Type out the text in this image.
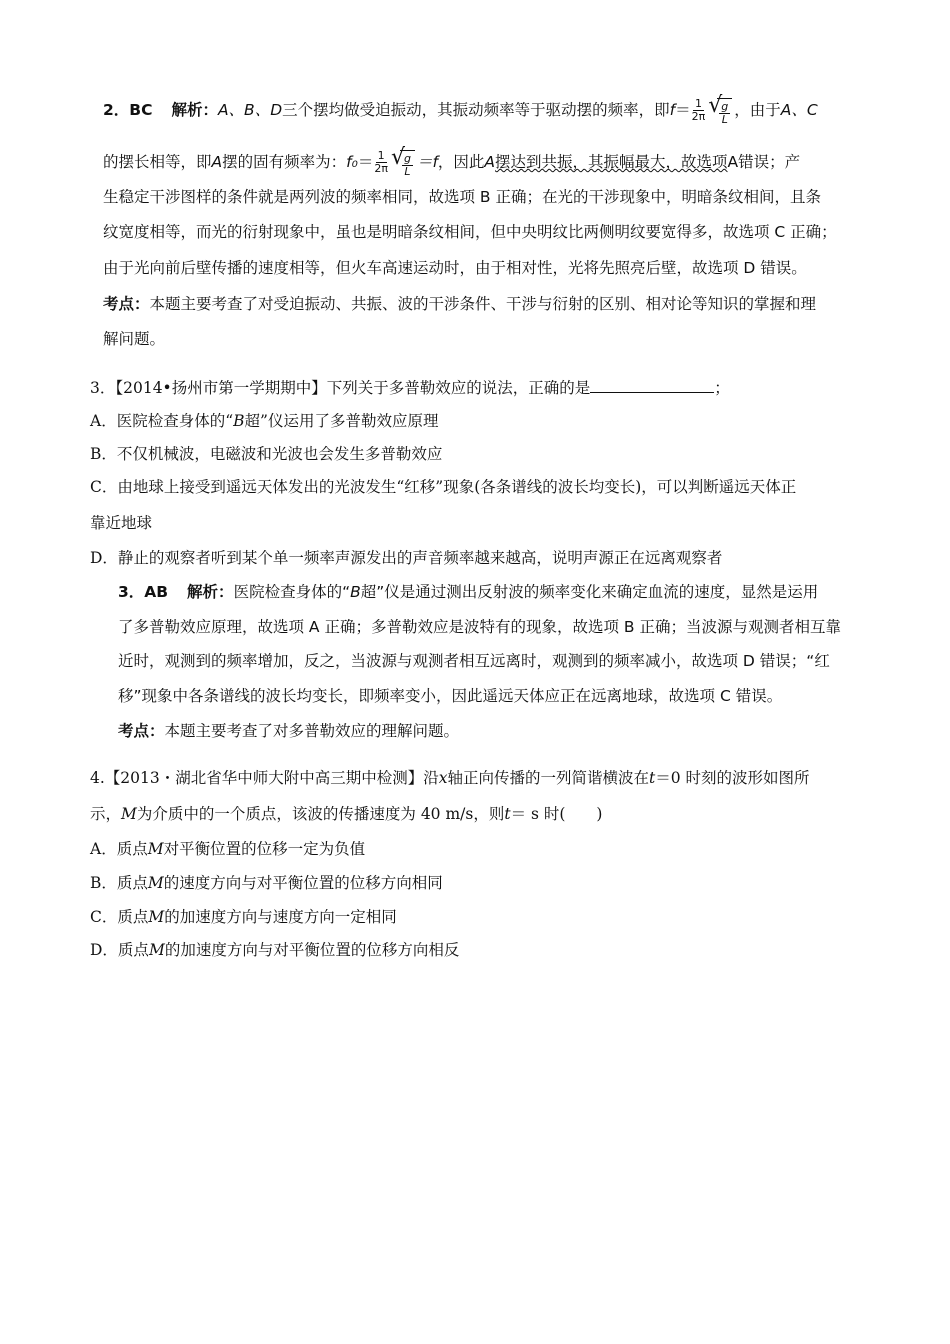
2．BC 解析：A、B、D三个摆均做受迫振动，其振动频率等于驱动摆的频率，即$f= \frac{1}{2\pi}$ √
$\frac{g}{L}$ ，由于A、C
的摆长相等，即A摆的固有频率为：$f_0= \frac{1}{2\pi}$ √
$\frac{g}{L} =f$，因此A摆达到共振，其振幅最大，故选项A错误；产
生稳定干涉图样的条件就是两列波的频率相同，故选项 B 正确；在光的干涉现象中，明暗条纹相间，且条
纹宽度相等，而光的衍射现象中，虽也是明暗条纹相间，但中央明纹比两侧明纹要宽得多，故选项 C 正确；
由于光向前后壁传播的速度相等，但火车高速运动时，由于相对性，光将先照亮后壁，故选项 D 错误。
考点：本题主要考查了对受迫振动、共振、波的干涉条件、干涉与衍射的区别、相对论等知识的掌握和理
解问题。
3．【2014•扬州市第一学期期中】下列关于多普勒效应的说法，正确的是	；
A．医院检查身体的“B超”仪运用了多普勒效应原理
B．不仅机械波，电磁波和光波也会发生多普勒效应
C．由地球上接受到遥远天体发出的光波发生“红移”现象(各条谱线的波长均变长)，可以判断遥远天体正
靠近地球
D．静止的观察者听到某个单一频率声源发出的声音频率越来越高，说明声源正在远离观察者
3．AB 解析：医院检查身体的“B超”仪是通过测出反射波的频率变化来确定血流的速度，显然是运用
了多普勒效应原理，故选项 A 正确；多普勒效应是波特有的现象，故选项 B 正确；当波源与观测者相互靠
近时，观测到的频率增加，反之，当波源与观测者相互远离时，观测到的频率减小，故选项 D 错误；“红
移”现象中各条谱线的波长均变长，即频率变小，因此遥远天体应正在远离地球，故选项 C 错误。
考点：本题主要考查了对多普勒效应的理解问题。
4.【2013・湖北省华中师大附中高三期中检测】沿x轴正向传播的一列简谐横波在t＝0 时刻的波形如图所
示，M为介质中的一个质点，该波的传播速度为 40 m/s，则t＝ s 时(　　)
A．质点M对平衡位置的位移一定为负值
B．质点M的速度方向与对平衡位置的位移方向相同
C．质点M的加速度方向与速度方向一定相同
D．质点M的加速度方向与对平衡位置的位移方向相反
